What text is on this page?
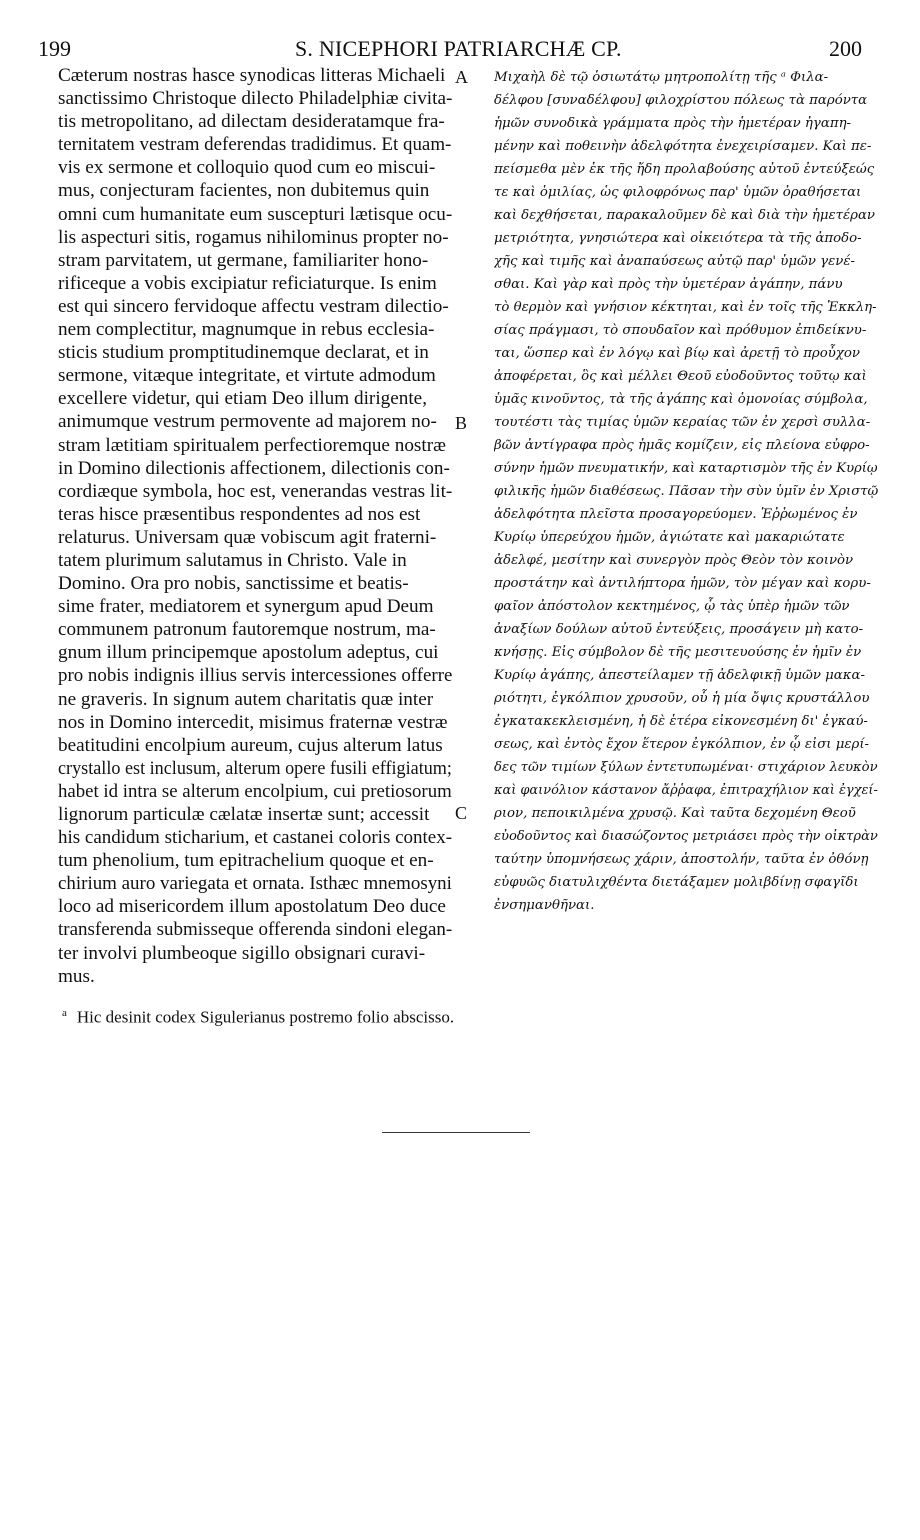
199	S. NICEPHORI PATRIARCHÆ CP.	200
Cæterum nostras hasce synodicas litteras Michaeli
sanctissimo Christoque dilecto Philadelphiæ civita-
tis metropolitano, ad dilectam desideratamque fra-
ternitatem vestram deferendas tradidimus. Et quam-
vis ex sermone et colloquio quod cum eo miscui-
mus, conjecturam facientes, non dubitemus quin
omni cum humanitate eum suscepturi lætisque ocu-
lis aspecturi sitis, rogamus nihilominus propter no-
stram parvitatem, ut germane, familiariter hono-
rificeque a vobis excipiatur reficiaturque. Is enim
est qui sincero fervidoque affectu vestram dilectio-
nem complectitur, magnumque in rebus ecclesia-
sticis studium promptitudinemque declarat, et in
sermone, vitæque integritate, et virtute admodum
excellere videtur, qui etiam Deo illum dirigente,
animumque vestrum permovente ad majorem no-
stram lætitiam spiritualem perfectioremque nostræ
in Domino dilectionis affectionem, dilectionis con-
cordiæque symbola, hoc est, venerandas vestras lit-
teras hisce præsentibus respondentes ad nos est
relaturus. Universam quæ vobiscum agit fraterni-
tatem plurimum salutamus in Christo. Vale in
Domino. Ora pro nobis, sanctissime et beatis-
sime frater, mediatorem et synergum apud Deum
communem patronum fautoremque nostrum, ma-
gnum illum principemque apostolum adeptus, cui
pro nobis indignis illius servis intercessiones offerre
ne graveris. In signum autem charitatis quæ inter
nos in Domino intercedit, misimus fraternæ vestræ
beatitudini encolpium aureum, cujus alterum latus
crystallo est inclusum, alterum opere fusili effigiatum;
habet id intra se alterum encolpium, cui pretiosorum
lignorum particulæ cælatæ insertæ sunt; accessit
his candidum sticharium, et castanei coloris contex-
tum phenolium, tum epitrachelium quoque et en-
chirium auro variegata et ornata. Isthæc mnemosyni
loco ad misericordem illum apostolatum Deo duce
transferenda submisseque offerenda sindoni elegan-
ter involvi plumbeoque sigillo obsignari curavi-
mus.
A
B
C
Μιχαὴλ δὲ τῷ ὁσιωτάτῳ μητροπολίτῃ τῆς ᵃ Φιλα-
δέλφου [συναδέλφου] φιλοχρίστου πόλεως τὰ παρόντα
ἡμῶν συνοδικὰ γράμματα πρὸς τὴν ἡμετέραν ἠγαπη-
μένην καὶ ποθεινὴν ἀδελφότητα ἐνεχειρίσαμεν. Καὶ πε-
πείσμεθα μὲν ἐκ τῆς ἤδη προλαβούσης αὐτοῦ ἐντεύξεώς
τε καὶ ὁμιλίας, ὡς φιλοφρόνως παρ' ὑμῶν ὀραθήσεται
καὶ δεχθήσεται, παρακαλοῦμεν δὲ καὶ διὰ τὴν ἡμετέραν
μετριότητα, γνησιώτερα καὶ οἰκειότερα τὰ τῆς ἀποδο-
χῆς καὶ τιμῆς καὶ ἀναπαύσεως αὐτῷ παρ' ὑμῶν γενέ-
σθαι. Καὶ γὰρ καὶ πρὸς τὴν ὑμετέραν ἀγάπην, πάνυ
τὸ θερμὸν καὶ γνήσιον κέκτηται, καὶ ἐν τοῖς τῆς Ἐκκλη-
σίας πράγμασι, τὸ σπουδαῖον καὶ πρόθυμον ἐπιδείκνυ-
ται, ὥσπερ καὶ ἐν λόγῳ καὶ βίῳ καὶ ἀρετῇ τὸ προὖχον
ἀποφέρεται, ὃς καὶ μέλλει Θεοῦ εὐοδοῦντος τοῦτῳ καὶ
ὑμᾶς κινοῦντος, τὰ τῆς ἀγάπης καὶ ὁμονοίας σύμβολα,
τουτέστι τὰς τιμίας ὑμῶν κεραίας τῶν ἐν χερσὶ συλλα-
βῶν ἀντίγραφα πρὸς ἡμᾶς κομίζειν, εἰς πλείονα εὐφρο-
σύνην ἡμῶν πνευματικήν, καὶ καταρτισμὸν τῆς ἐν Κυρίῳ
φιλικῆς ἡμῶν διαθέσεως. Πᾶσαν τὴν σὺν ὑμῖν ἐν Χριστῷ
ἀδελφότητα πλεῖστα προσαγορεύομεν. Ἐῤῥωμένος ἐν
Κυρίῳ ὑπερεύχου ἡμῶν, ἁγιώτατε καὶ μακαριώτατε
ἀδελφέ, μεσίτην καὶ συνεργὸν πρὸς Θεὸν τὸν κοινὸν
προστάτην καὶ ἀντιλήπτορα ἡμῶν, τὸν μέγαν καὶ κορυ-
φαῖον ἀπόστολον κεκτημένος, ᾧ τὰς ὑπὲρ ἡμῶν τῶν
ἀναξίων δούλων αὐτοῦ ἐντεύξεις, προσάγειν μὴ κατο-
κνήσῃς. Εἰς σύμβολον δὲ τῆς μεσιτευούσης ἐν ἡμῖν ἐν
Κυρίῳ ἀγάπης, ἀπεστείλαμεν τῇ ἀδελφικῇ ὑμῶν μακα-
ριότητι, ἐγκόλπιον χρυσοῦν, οὗ ἡ μία ὄψις κρυστάλλου
ἐγκατακεκλεισμένη, ἡ δὲ ἑτέρα εἰκονεσμένη δι' ἐγκαύ-
σεως, καὶ ἐντὸς ἔχον ἕτερον ἐγκόλπιον, ἐν ᾧ εἰσι μερί-
δες τῶν τιμίων ξύλων ἐντετυπωμέναι· στιχάριον λευκὸν
καὶ φαινόλιον κάστανον ἄῤῥαφα, ἐπιτραχήλιον καὶ ἐγχεί-
ριον, πεποικιλμένα χρυσῷ. Καὶ ταῦτα δεχομένη Θεοῦ
εὐοδοῦντος καὶ διασώζοντος μετριάσει πρὸς τὴν οἰκτρὰν
ταύτην ὑπομνήσεως χάριν, ἀποστολήν, ταῦτα ἐν ὀθόνῃ
εὐφυῶς διατυλιχθέντα διετάξαμεν μολιβδίνῃ σφαγῖδι
ἐνσημανθῆναι.
$^a$ Hic desinit codex Sigulerianus postremo folio abscisso.
